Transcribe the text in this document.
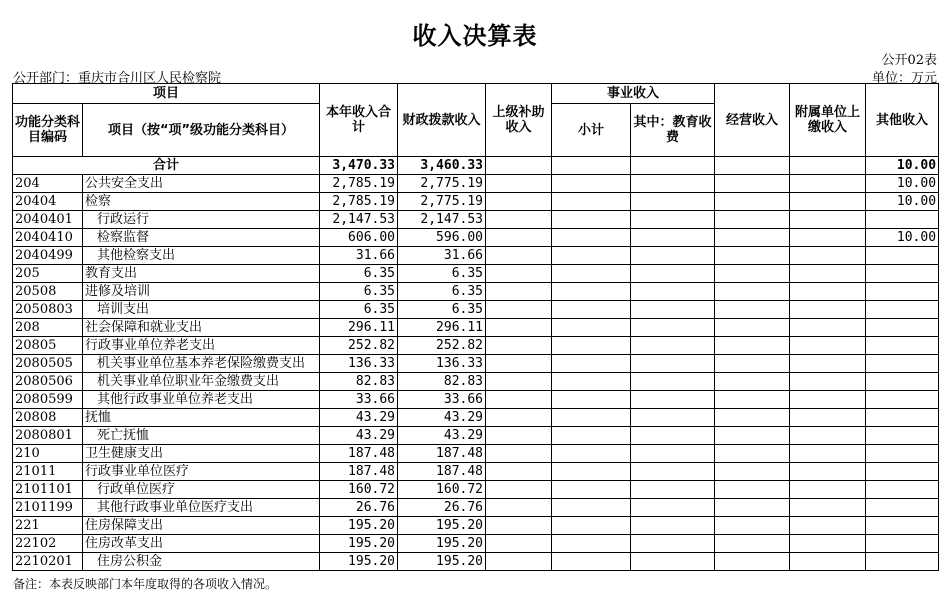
收入决算表
公开02表
公开部门：重庆市合川区人民检察院	单位：万元
项目		本年收入合计	财政拨款收入	上级补助收入	事业收入		经营收入	附属单位上缴收入	其他收入
功能分类科目编码	项目（按“项”级功能分类科目）				小计	其中：教育收费			

合计		3,470.33	3,460.33						10.00
204	公共安全支出	2,785.19	2,775.19						10.00
20404	检察	2,785.19	2,775.19						10.00
2040401	行政运行	2,147.53	2,147.53						
2040410	检察监督	606.00	596.00						10.00
2040499	其他检察支出	31.66	31.66						
205	教育支出	6.35	6.35						
20508	进修及培训	6.35	6.35						
2050803	培训支出	6.35	6.35						
208	社会保障和就业支出	296.11	296.11						
20805	行政事业单位养老支出	252.82	252.82						
2080505	机关事业单位基本养老保险缴费支出	136.33	136.33						
2080506	机关事业单位职业年金缴费支出	82.83	82.83						
2080599	其他行政事业单位养老支出	33.66	33.66						
20808	抚恤	43.29	43.29						
2080801	死亡抚恤	43.29	43.29						
210	卫生健康支出	187.48	187.48						
21011	行政事业单位医疗	187.48	187.48						
2101101	行政单位医疗	160.72	160.72						
2101199	其他行政事业单位医疗支出	26.76	26.76						
221	住房保障支出	195.20	195.20						
22102	住房改革支出	195.20	195.20						
2210201	住房公积金	195.20	195.20						
备注：本表反映部门本年度取得的各项收入情况。
